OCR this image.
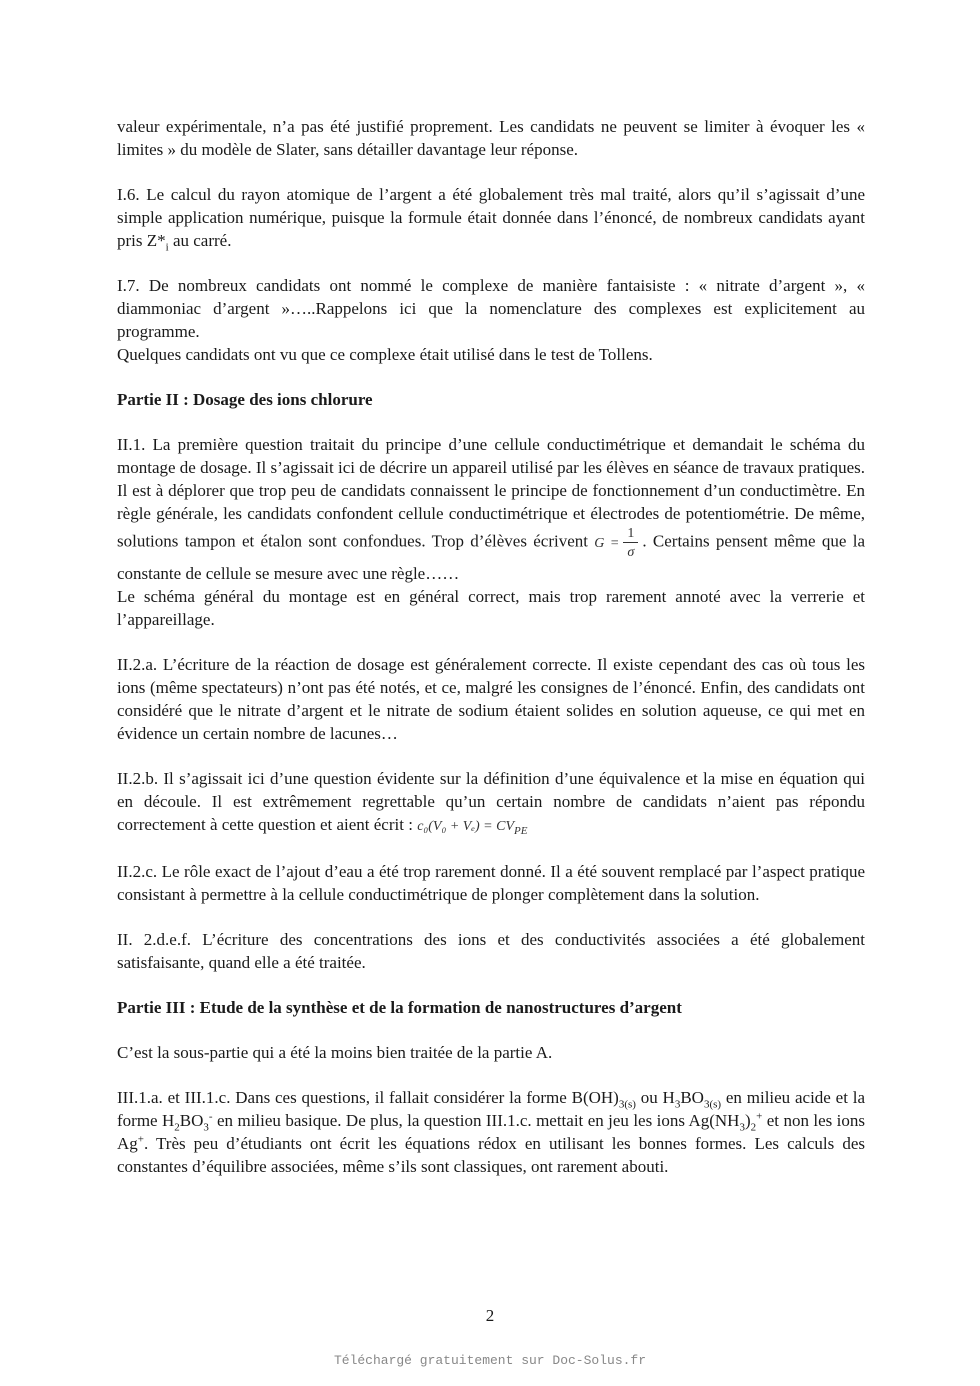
valeur expérimentale, n’a pas été justifié proprement. Les candidats ne peuvent se limiter à évoquer les « limites » du modèle de Slater, sans détailler davantage leur réponse.

I.6. Le calcul du rayon atomique de l’argent a été globalement très mal traité, alors qu’il s’agissait d’une simple application numérique, puisque la formule était donnée dans l’énoncé, de nombreux candidats ayant pris $Z*_i$ au carré.

I.7. De nombreux candidats ont nommé le complexe de manière fantaisiste : « nitrate d’argent », « diammoniac d’argent »…..Rappelons ici que la nomenclature des complexes est explicitement au programme.

Quelques candidats ont vu que ce complexe était utilisé dans le test de Tollens.

Partie II : Dosage des ions chlorure

II.1. La première question traitait du principe d’une cellule conductimétrique et demandait le schéma du montage de dosage. Il s’agissait ici de décrire un appareil utilisé par les élèves en séance de travaux pratiques. Il est à déplorer que trop peu de candidats connaissent le principe de fonctionnement d’un conductimètre. En règle générale, les candidats confondent cellule conductimétrique et électrodes de potentiométrie. De même, solutions tampon et étalon sont confondues. Trop d’élèves écrivent $G = \frac{1}{\sigma}$ . Certains pensent même que la constante de cellule se mesure avec une règle……

Le schéma général du montage est en général correct, mais trop rarement annoté avec la verrerie et l’appareillage.

II.2.a. L’écriture de la réaction de dosage est généralement correcte. Il existe cependant des cas où tous les ions (même spectateurs) n’ont pas été notés, et ce, malgré les consignes de l’énoncé. Enfin, des candidats ont considéré que le nitrate d’argent et le nitrate de sodium étaient solides en solution aqueuse, ce qui met en évidence un certain nombre de lacunes…

II.2.b. Il s’agissait ici d’une question évidente sur la définition d’une équivalence et la mise en équation qui en découle. Il est extrêmement regrettable qu’un certain nombre de candidats n’aient pas répondu correctement à cette question et aient écrit : $c_0(V_0 + V_e) = CV_{PE}$

II.2.c. Le rôle exact de l’ajout d’eau a été trop rarement donné. Il a été souvent remplacé par l’aspect pratique consistant à permettre à la cellule conductimétrique de plonger complètement dans la solution.

II. 2.d.e.f. L’écriture des concentrations des ions et des conductivités associées a été globalement satisfaisante, quand elle a été traitée.

Partie III : Etude de la synthèse et de la formation de nanostructures d’argent

C’est la sous-partie qui a été la moins bien traitée de la partie A.

III.1.a. et III.1.c. Dans ces questions, il fallait considérer la forme $B(OH)_{3(s)}$ ou $H_3BO_{3(s)}$ en milieu acide et la forme $H_2BO_3^-$ en milieu basique. De plus, la question III.1.c. mettait en jeu les ions $Ag(NH_3)_2^+$ et non les ions Ag+. Très peu d’étudiants ont écrit les équations rédox en utilisant les bonnes formes. Les calculs des constantes d’équilibre associées, même s’ils sont classiques, ont rarement abouti.

2
Téléchargé gratuitement sur Doc-Solus.fr
